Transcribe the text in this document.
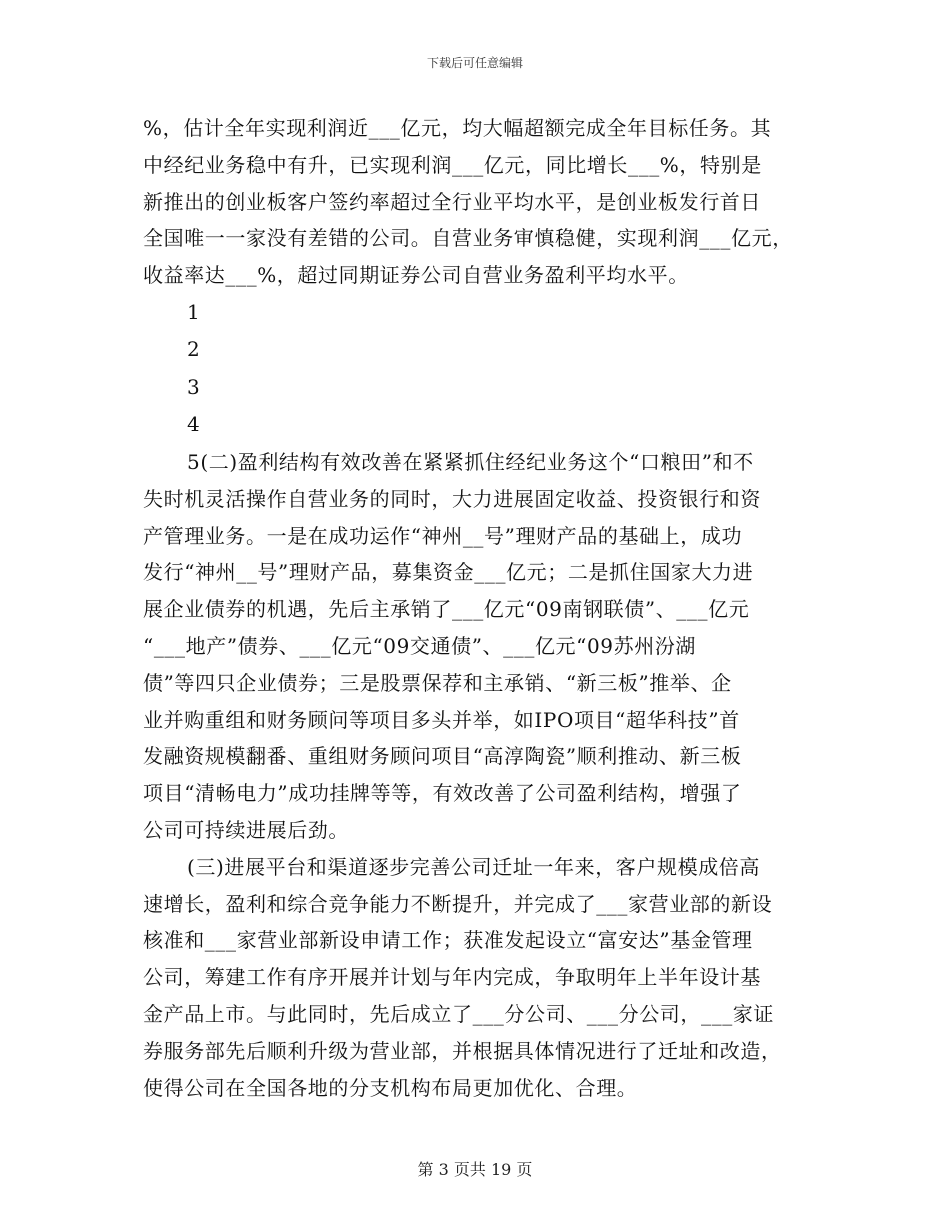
下载后可任意编辑
%，估计全年实现利润近___亿元，均大幅超额完成全年目标任务。其
中经纪业务稳中有升，已实现利润___亿元，同比增长___%，特别是
新推出的创业板客户签约率超过全行业平均水平，是创业板发行首日
全国唯一一家没有差错的公司。自营业务审慎稳健，实现利润___亿元，
收益率达___%，超过同期证券公司自营业务盈利平均水平。
1
2
3
4
5(二)盈利结构有效改善在紧紧抓住经纪业务这个“口粮田”和不
失时机灵活操作自营业务的同时，大力进展固定收益、投资银行和资
产管理业务。一是在成功运作“神州__号”理财产品的基础上，成功
发行“神州__号”理财产品，募集资金___亿元；二是抓住国家大力进
展企业债券的机遇，先后主承销了___亿元“09南钢联债”、___亿元
“___地产”债券、___亿元“09交通债”、___亿元“09苏州汾湖
债”等四只企业债券；三是股票保荐和主承销、“新三板”推举、企
业并购重组和财务顾问等项目多头并举，如IPO项目“超华科技”首
发融资规模翻番、重组财务顾问项目“高淳陶瓷”顺利推动、新三板
项目“清畅电力”成功挂牌等等，有效改善了公司盈利结构，增强了
公司可持续进展后劲。
(三)进展平台和渠道逐步完善公司迁址一年来，客户规模成倍高
速增长，盈利和综合竞争能力不断提升，并完成了___家营业部的新设
核准和___家营业部新设申请工作；获准发起设立“富安达”基金管理
公司，筹建工作有序开展并计划与年内完成，争取明年上半年设计基
金产品上市。与此同时，先后成立了___分公司、___分公司，___家证
券服务部先后顺利升级为营业部，并根据具体情况进行了迁址和改造，
使得公司在全国各地的分支机构布局更加优化、合理。
第 3 页共 19 页
